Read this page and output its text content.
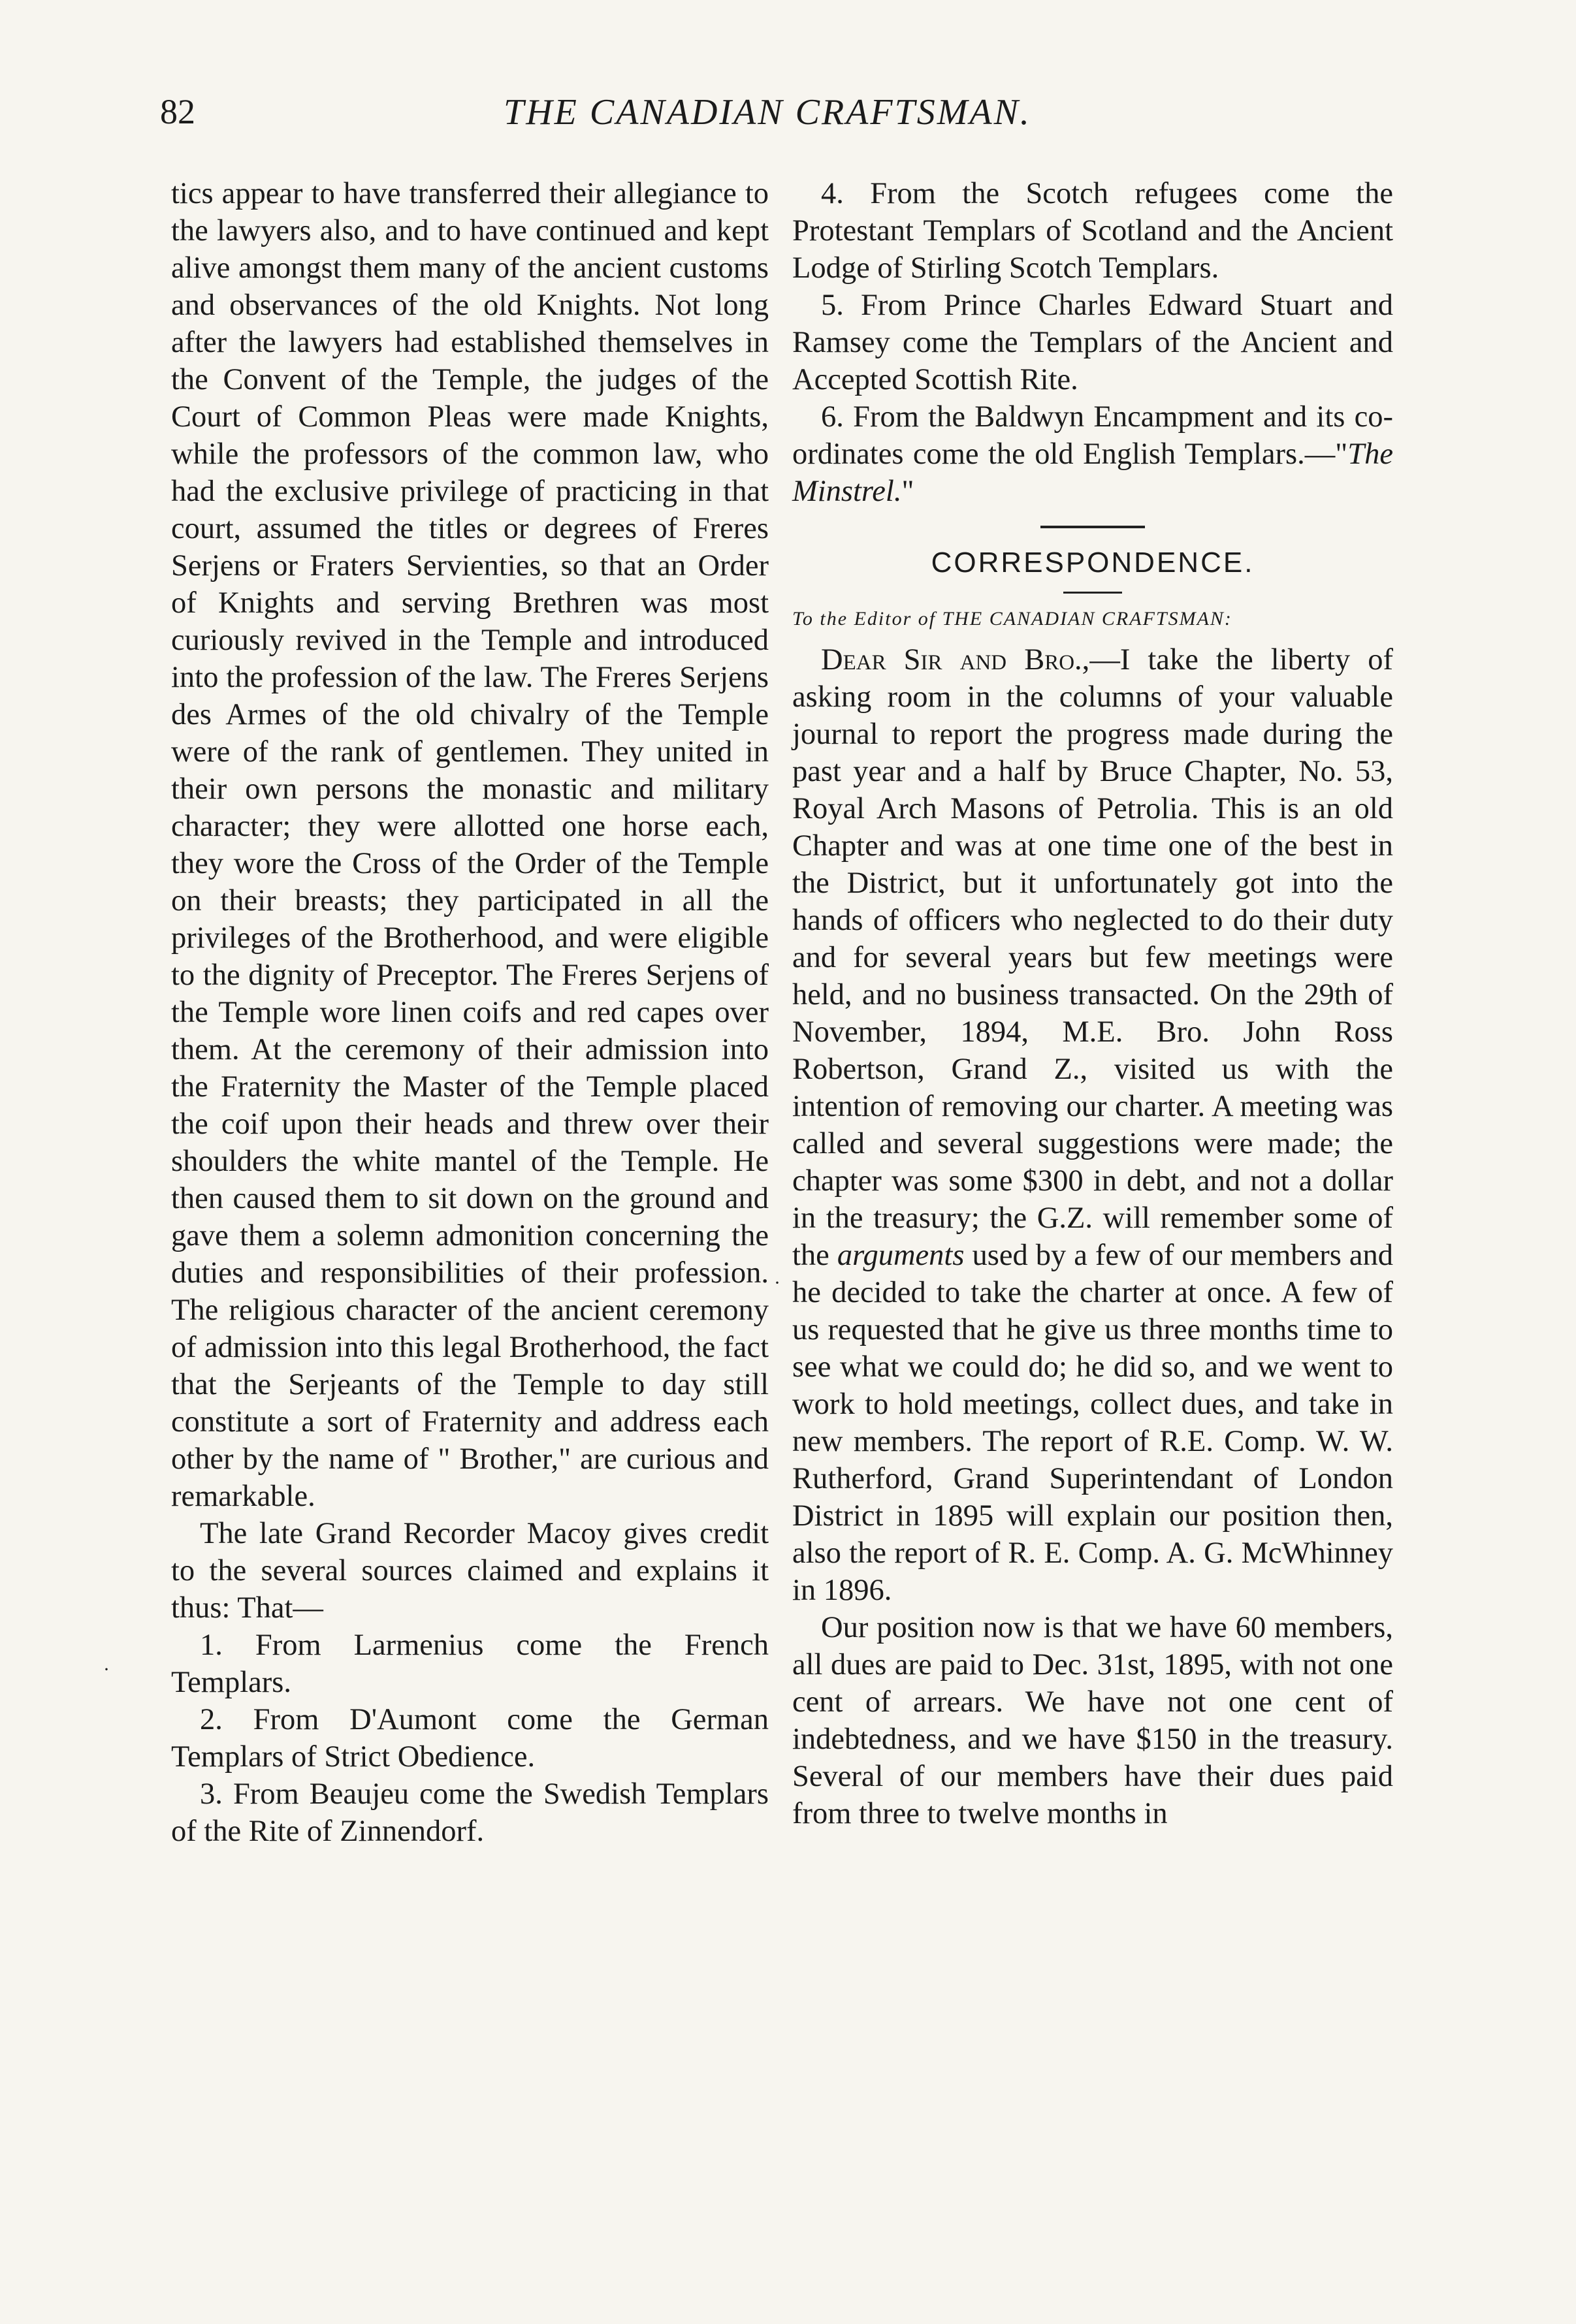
82	THE CANADIAN CRAFTSMAN.

tics appear to have transferred their allegiance to the lawyers also, and to have continued and kept alive amongst them many of the ancient customs and observances of the old Knights. Not long after the lawyers had established themselves in the Convent of the Temple, the judges of the Court of Common Pleas were made Knights, while the professors of the common law, who had the exclusive privilege of practicing in that court, assumed the titles or degrees of Freres Serjens or Fraters Servienties, so that an Order of Knights and serving Brethren was most curiously revived in the Temple and introduced into the profession of the law. The Freres Serjens des Armes of the old chivalry of the Temple were of the rank of gentlemen. They united in their own persons the monastic and military character; they were allotted one horse each, they wore the Cross of the Order of the Temple on their breasts; they participated in all the privileges of the Brotherhood, and were eligible to the dignity of Preceptor. The Freres Serjens of the Temple wore linen coifs and red capes over them. At the ceremony of their admission into the Fraternity the Master of the Temple placed the coif upon their heads and threw over their shoulders the white mantel of the Temple. He then caused them to sit down on the ground and gave them a solemn admonition concerning the duties and responsibilities of their profession. The religious character of the ancient ceremony of admission into this legal Brotherhood, the fact that the Serjeants of the Temple to day still constitute a sort of Fraternity and address each other by the name of " Brother," are curious and remarkable.

The late Grand Recorder Macoy gives credit to the several sources claimed and explains it thus: That—

1. From Larmenius come the French Templars.

2. From D'Aumont come the German Templars of Strict Obedience.

3. From Beaujeu come the Swedish Templars of the Rite of Zinnendorf.

4. From the Scotch refugees come the Protestant Templars of Scotland and the Ancient Lodge of Stirling Scotch Templars.

5. From Prince Charles Edward Stuart and Ramsey come the Templars of the Ancient and Accepted Scottish Rite.

6. From the Baldwyn Encampment and its co-ordinates come the old English Templars.—"The Minstrel."

CORRESPONDENCE.
To the Editor of THE CANADIAN CRAFTSMAN:

Dear Sir and Bro.,—I take the liberty of asking room in the columns of your valuable journal to report the progress made during the past year and a half by Bruce Chapter, No. 53, Royal Arch Masons of Petrolia. This is an old Chapter and was at one time one of the best in the District, but it unfortunately got into the hands of officers who neglected to do their duty and for several years but few meetings were held, and no business transacted. On the 29th of November, 1894, M.E. Bro. John Ross Robertson, Grand Z., visited us with the intention of removing our charter. A meeting was called and several suggestions were made; the chapter was some $300 in debt, and not a dollar in the treasury; the G.Z. will remember some of the arguments used by a few of our members and he decided to take the charter at once. A few of us requested that he give us three months time to see what we could do; he did so, and we went to work to hold meetings, collect dues, and take in new members. The report of R.E. Comp. W. W. Rutherford, Grand Superintendant of London District in 1895 will explain our position then, also the report of R. E. Comp. A. G. McWhinney in 1896.

Our position now is that we have 60 members, all dues are paid to Dec. 31st, 1895, with not one cent of arrears. We have not one cent of indebtedness, and we have $150 in the treasury. Several of our members have their dues paid from three to twelve months in

·
·
